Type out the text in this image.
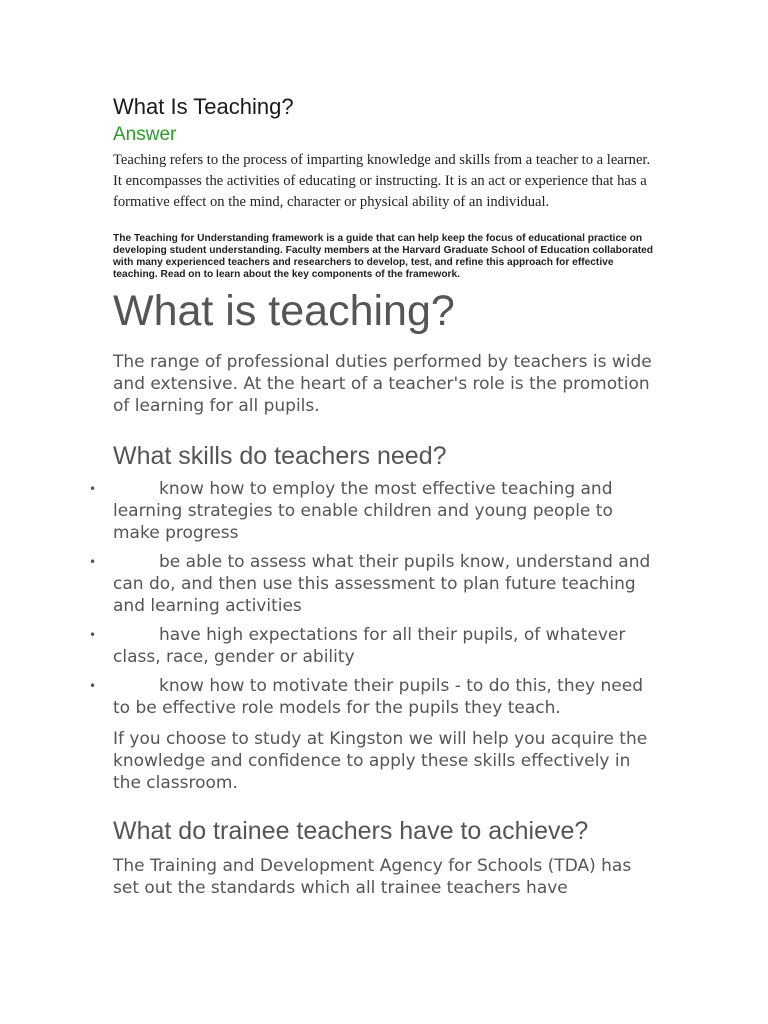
What Is Teaching?
Answer

Teaching refers to the process of imparting knowledge and skills from a teacher to a learner. It encompasses the activities of educating or instructing. It is an act or experience that has a formative effect on the mind, character or physical ability of an individual.

The Teaching for Understanding framework is a guide that can help keep the focus of educational practice on developing student understanding. Faculty members at the Harvard Graduate School of Education collaborated with many experienced teachers and researchers to develop, test, and refine this approach for effective teaching. Read on to learn about the key components of the framework.

What is teaching?

The range of professional duties performed by teachers is wide and extensive. At the heart of a teacher's role is the promotion of learning for all pupils.

What skills do teachers need?
•	know how to employ the most effective teaching and learning strategies to enable children and young people to make progress
•	be able to assess what their pupils know, understand and can do, and then use this assessment to plan future teaching and learning activities
•	have high expectations for all their pupils, of whatever class, race, gender or ability
•	know how to motivate their pupils - to do this, they need to be effective role models for the pupils they teach.

If you choose to study at Kingston we will help you acquire the knowledge and confidence to apply these skills effectively in the classroom.

What do trainee teachers have to achieve?

The Training and Development Agency for Schools (TDA) has set out the standards which all trainee teachers have
